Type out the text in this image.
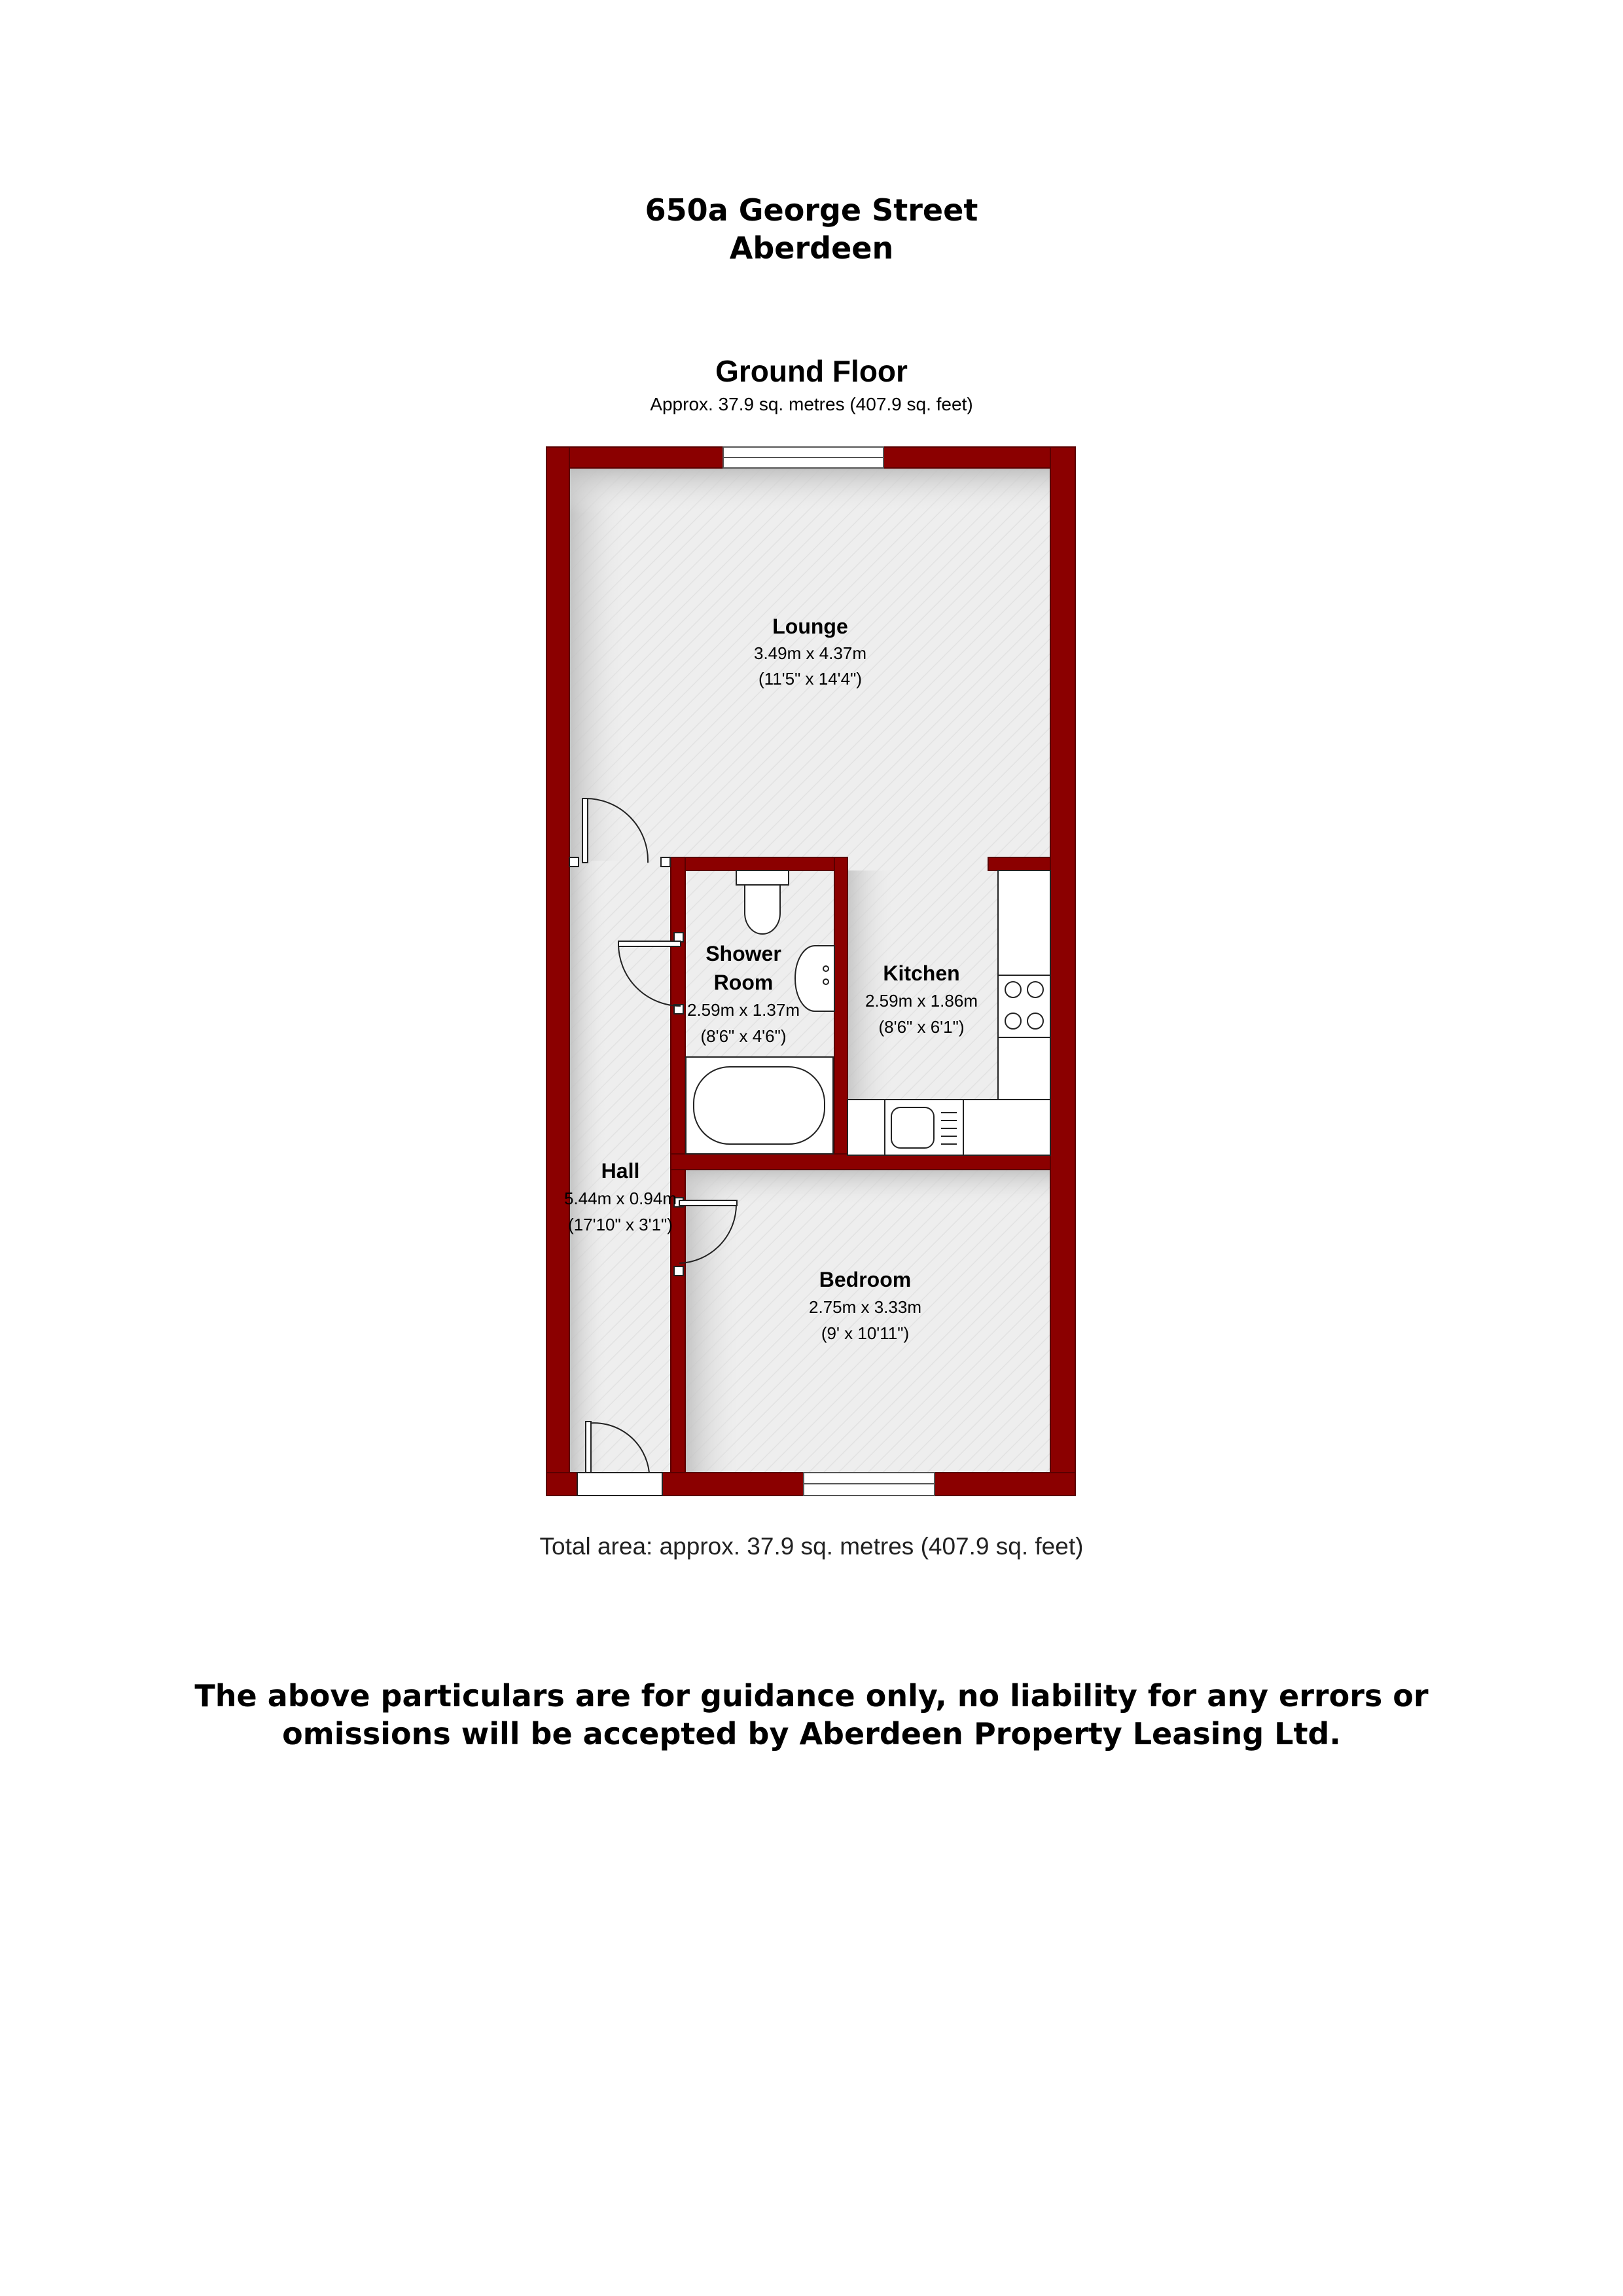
650a George Street
Aberdeen
Ground Floor
Approx. 37.9 sq. metres (407.9 sq. feet)
Lounge
3.49m x 4.37m
(11'5" x 14'4")
Shower
Room
2.59m x 1.37m
(8'6" x 4'6")
Kitchen
2.59m x 1.86m
(8'6" x 6'1")
Hall
5.44m x 0.94m
(17'10" x 3'1")
Bedroom
2.75m x 3.33m
(9' x 10'11")
Total area: approx. 37.9 sq. metres (407.9 sq. feet)
The above particulars are for guidance only, no liability for any errors or
omissions will be accepted by Aberdeen Property Leasing Ltd.
